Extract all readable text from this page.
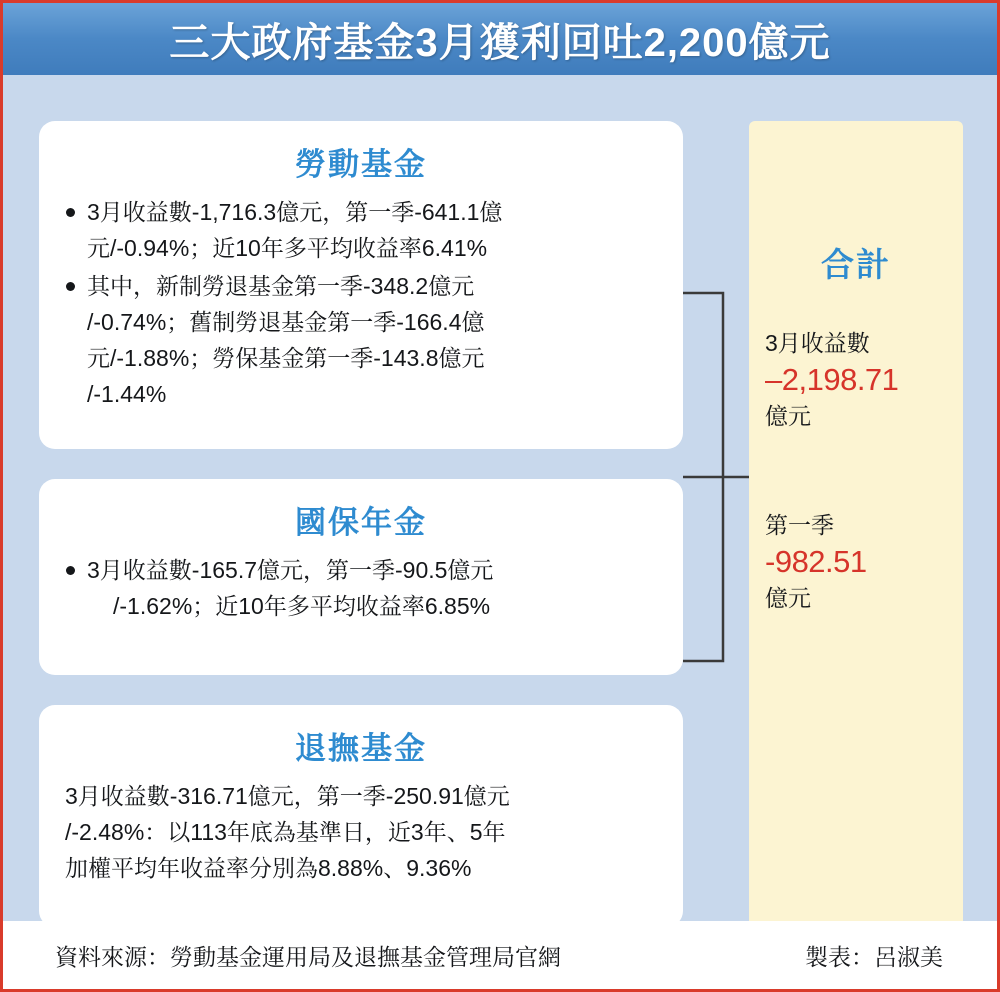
三大政府基金3月獲利回吐2,200億元
勞動基金
3月收益數-1,716.3億元，第一季-641.1億
元/-0.94%；近10年多平均收益率6.41%
其中，新制勞退基金第一季-348.2億元
/-0.74%；舊制勞退基金第一季-166.4億
元/-1.88%；勞保基金第一季-143.8億元
/-1.44%
國保年金
3月收益數-165.7億元，第一季-90.5億元
/-1.62%；近10年多平均收益率6.85%
退撫基金
3月收益數-316.71億元，第一季-250.91億元
/-2.48%：以113年底為基準日，近3年、5年
加權平均年收益率分別為8.88%、9.36%
合計
3月收益數
–2,198.71
億元
第一季
-982.51
億元
資料來源：勞動基金運用局及退撫基金管理局官網	製表：呂淑美
